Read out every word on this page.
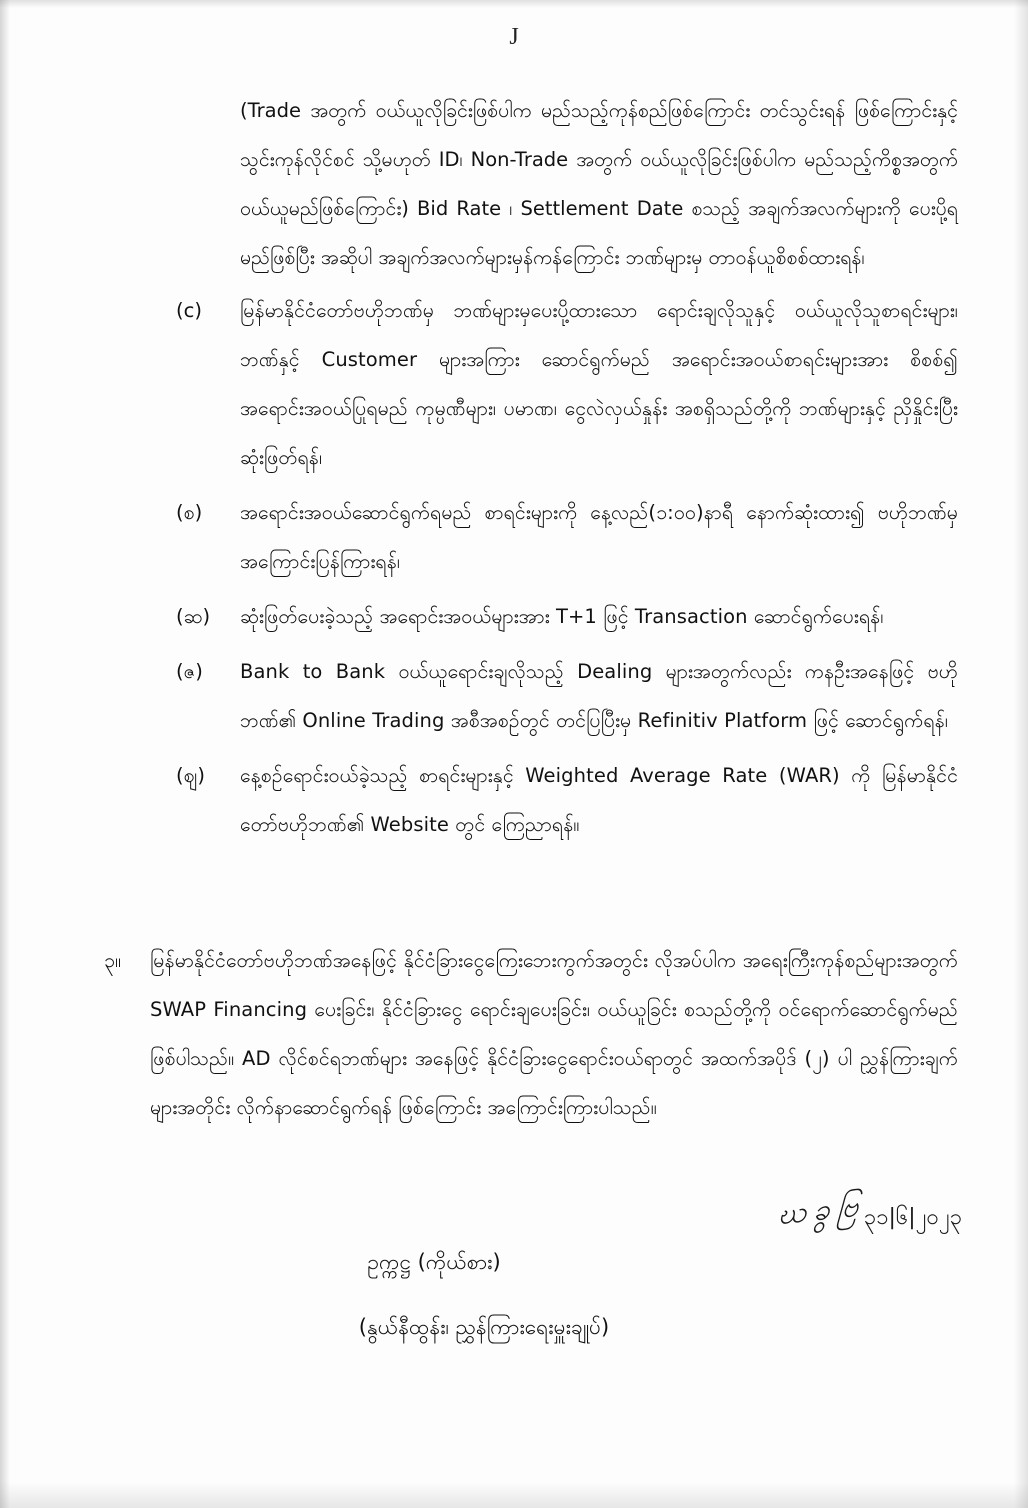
J
(Trade အတွက် ဝယ်ယူလိုခြင်းဖြစ်ပါက မည်သည့်ကုန်စည်ဖြစ်ကြောင်း တင်သွင်းရန် ဖြစ်ကြောင်းနှင့် သွင်းကုန်လိုင်စင် သို့မဟုတ် ID၊ Non-Trade အတွက် ဝယ်ယူလိုခြင်းဖြစ်ပါက မည်သည့်ကိစ္စအတွက် ဝယ်ယူမည်ဖြစ်ကြောင်း) Bid Rate ၊ Settlement Date စသည့် အချက်အလက်များကို ပေးပို့ရမည်ဖြစ်ပြီး အဆိုပါ အချက်အလက်များမှန်ကန်ကြောင်း ဘဏ်များမှ တာဝန်ယူစိစစ်ထားရန်၊
(c)	မြန်မာနိုင်ငံတော်ဗဟိုဘဏ်မှ ဘဏ်များမှပေးပို့ထားသော ရောင်းချလိုသူနှင့် ဝယ်ယူလိုသူစာရင်းများ၊ ဘဏ်နှင့် Customer များအကြား ဆောင်ရွက်မည် အရောင်းအဝယ်စာရင်းများအား စိစစ်၍ အရောင်းအဝယ်ပြုရမည် ကုမ္ပဏီများ၊ ပမာဏ၊ ငွေလဲလှယ်နှုန်း အစရှိသည်တို့ကို ဘဏ်များနှင့် ညှိနှိုင်းပြီး ဆုံးဖြတ်ရန်၊
(စ)	အရောင်းအဝယ်ဆောင်ရွက်ရမည် စာရင်းများကို နေ့လည်(၁:၀၀)နာရီ နောက်ဆုံးထား၍ ဗဟိုဘဏ်မှ အကြောင်းပြန်ကြားရန်၊
(ဆ)	ဆုံးဖြတ်ပေးခဲ့သည့် အရောင်းအဝယ်များအား T+1 ဖြင့် Transaction ဆောင်ရွက်ပေးရန်၊
(ဇ)	Bank to Bank ဝယ်ယူရောင်းချလိုသည့် Dealing များအတွက်လည်း ကနဦးအနေဖြင့် ဗဟိုဘဏ်၏ Online Trading အစီအစဉ်တွင် တင်ပြပြီးမှ Refinitiv Platform ဖြင့် ဆောင်ရွက်ရန်၊
(ဈ)	နေ့စဉ်ရောင်းဝယ်ခဲ့သည့် စာရင်းများနှင့် Weighted Average Rate (WAR) ကို မြန်မာနိုင်ငံတော်ဗဟိုဘဏ်၏ Website တွင် ကြေညာရန်။
၃။	မြန်မာနိုင်ငံတော်ဗဟိုဘဏ်အနေဖြင့် နိုင်ငံခြားငွေကြေးဘေးကွက်အတွင်း လိုအပ်ပါက အရေးကြီးကုန်စည်များအတွက် SWAP Financing ပေးခြင်း၊ နိုင်ငံခြားငွေ ရောင်းချပေးခြင်း၊ ဝယ်ယူခြင်း စသည်တို့ကို ဝင်ရောက်ဆောင်ရွက်မည် ဖြစ်ပါသည်။ AD လိုင်စင်ရဘဏ်များ အနေဖြင့် နိုင်ငံခြားငွေရောင်းဝယ်ရာတွင် အထက်အပိုဒ် (၂) ပါ ညွှန်ကြားချက်များအတိုင်း လိုက်နာဆောင်ရွက်ရန် ဖြစ်ကြောင်း အကြောင်းကြားပါသည်။
ဃ ခွ ဗြ ၃၁|၆|၂၀၂၃
ဥက္ကဋ္ဌ (ကိုယ်စား)
(နွယ်နီထွန်း၊ ညွှန်ကြားရေးမှူးချုပ်)
